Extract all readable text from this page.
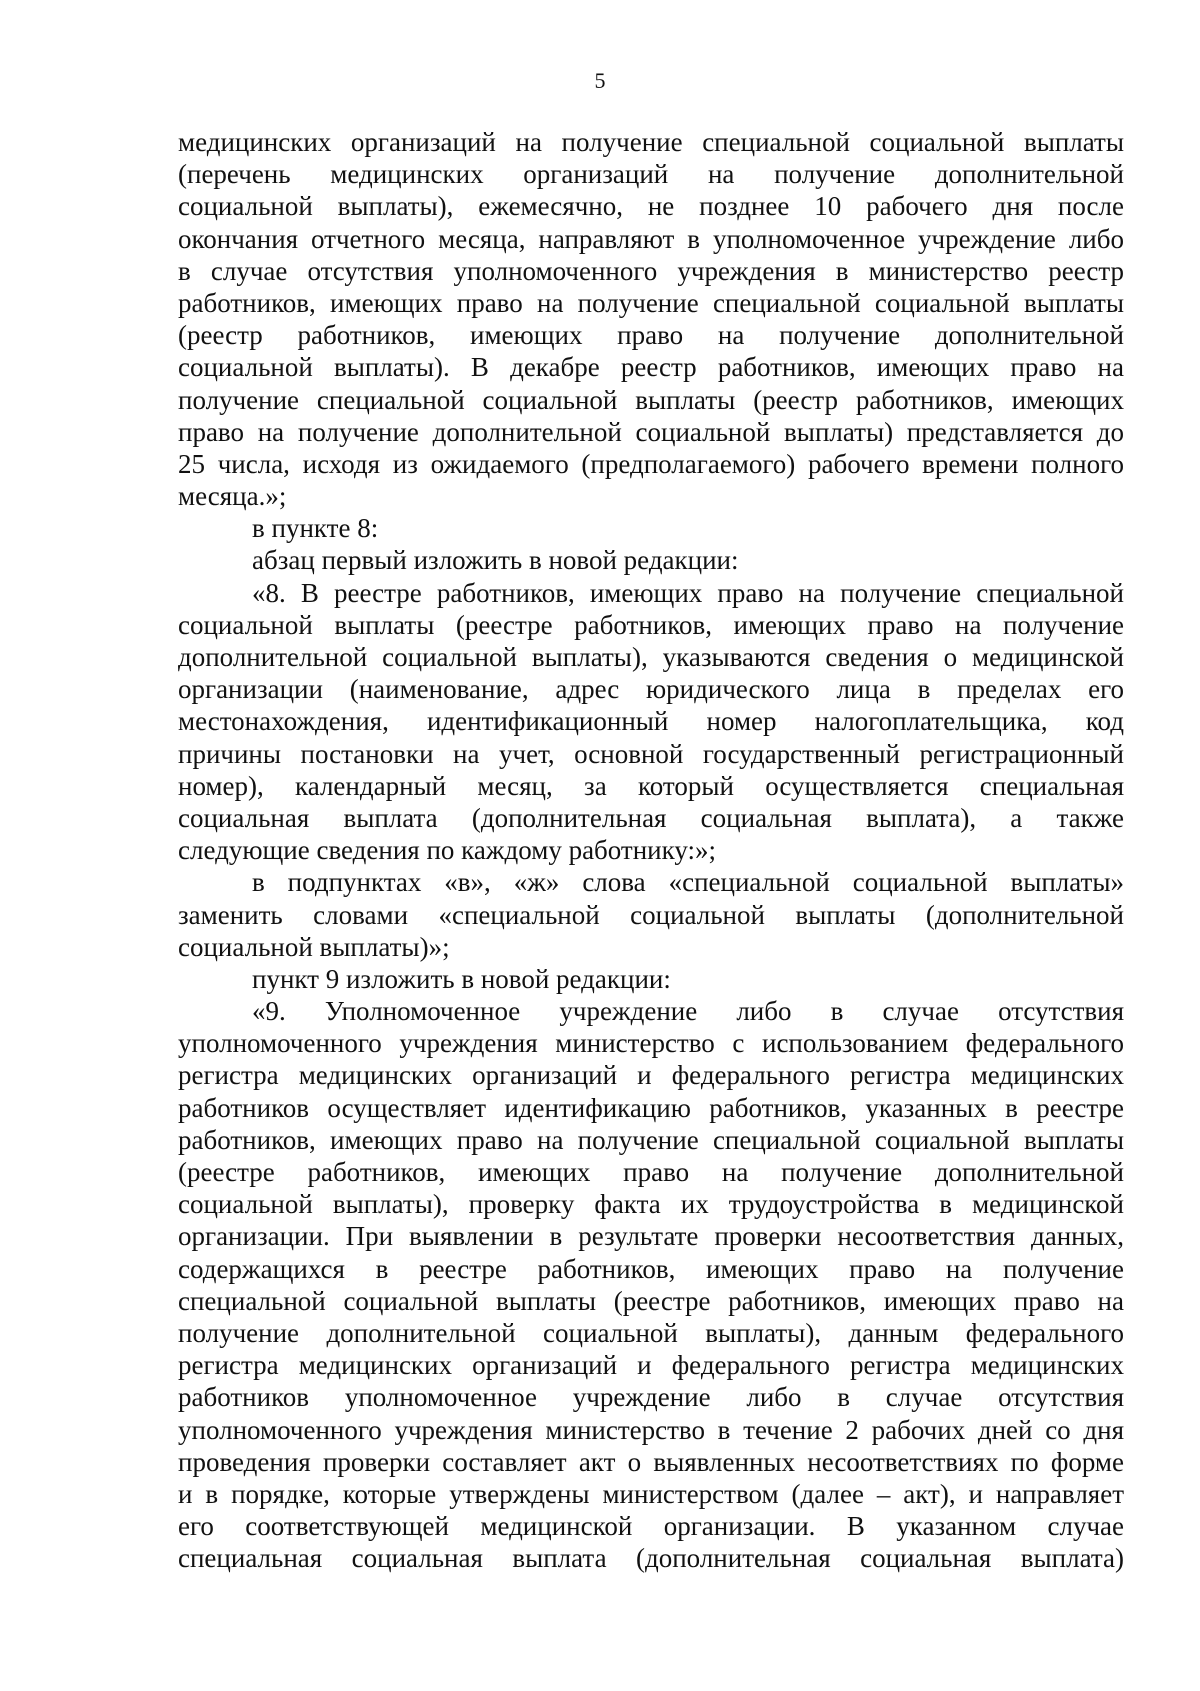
5
медицинских организаций на получение специальной социальной выплаты
(перечень медицинских организаций на получение дополнительной
социальной выплаты), ежемесячно, не позднее 10 рабочего дня после
окончания отчетного месяца, направляют в уполномоченное учреждение либо
в случае отсутствия уполномоченного учреждения в министерство реестр
работников, имеющих право на получение специальной социальной выплаты
(реестр работников, имеющих право на получение дополнительной
социальной выплаты). В декабре реестр работников, имеющих право на
получение специальной социальной выплаты (реестр работников, имеющих
право на получение дополнительной социальной выплаты) представляется до
25 числа, исходя из ожидаемого (предполагаемого) рабочего времени полного
месяца.»;
в пункте 8:
абзац первый изложить в новой редакции:
«8. В реестре работников, имеющих право на получение специальной
социальной выплаты (реестре работников, имеющих право на получение
дополнительной социальной выплаты), указываются сведения о медицинской
организации (наименование, адрес юридического лица в пределах его
местонахождения, идентификационный номер налогоплательщика, код
причины постановки на учет, основной государственный регистрационный
номер), календарный месяц, за который осуществляется специальная
социальная выплата (дополнительная социальная выплата), а также
следующие сведения по каждому работнику:»;
в подпунктах «в», «ж» слова «специальной социальной выплаты»
заменить словами «специальной социальной выплаты (дополнительной
социальной выплаты)»;
пункт 9 изложить в новой редакции:
«9. Уполномоченное учреждение либо в случае отсутствия
уполномоченного учреждения министерство с использованием федерального
регистра медицинских организаций и федерального регистра медицинских
работников осуществляет идентификацию работников, указанных в реестре
работников, имеющих право на получение специальной социальной выплаты
(реестре работников, имеющих право на получение дополнительной
социальной выплаты), проверку факта их трудоустройства в медицинской
организации. При выявлении в результате проверки несоответствия данных,
содержащихся в реестре работников, имеющих право на получение
специальной социальной выплаты (реестре работников, имеющих право на
получение дополнительной социальной выплаты), данным федерального
регистра медицинских организаций и федерального регистра медицинских
работников уполномоченное учреждение либо в случае отсутствия
уполномоченного учреждения министерство в течение 2 рабочих дней со дня
проведения проверки составляет акт о выявленных несоответствиях по форме
и в порядке, которые утверждены министерством (далее – акт), и направляет
его соответствующей медицинской организации. В указанном случае
специальная социальная выплата (дополнительная социальная выплата)
